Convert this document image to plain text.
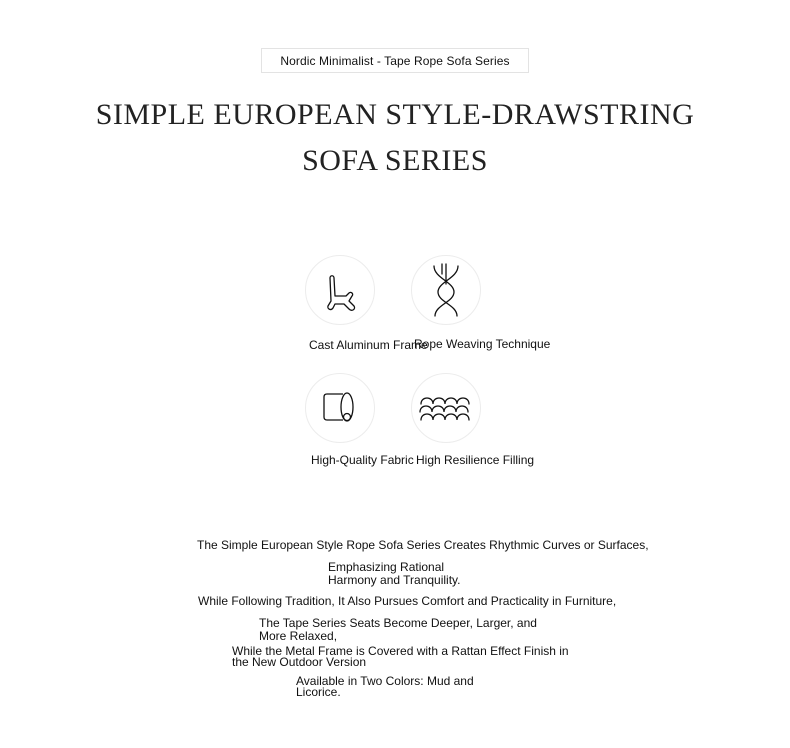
Nordic Minimalist - Tape Rope Sofa Series
SIMPLE EUROPEAN STYLE-DRAWSTRING
SOFA SERIES
Cast Aluminum Frame
Rope Weaving Technique
High-Quality Fabric High Resilience Filling
The Simple European Style Rope Sofa Series Creates Rhythmic Curves or Surfaces,
Emphasizing Rational
Harmony and Tranquility.
While Following Tradition, It Also Pursues Comfort and Practicality in Furniture,
The Tape Series Seats Become Deeper, Larger, and
More Relaxed,
While the Metal Frame is Covered with a Rattan Effect Finish in
the New Outdoor Version
Available in Two Colors: Mud and
Licorice.
